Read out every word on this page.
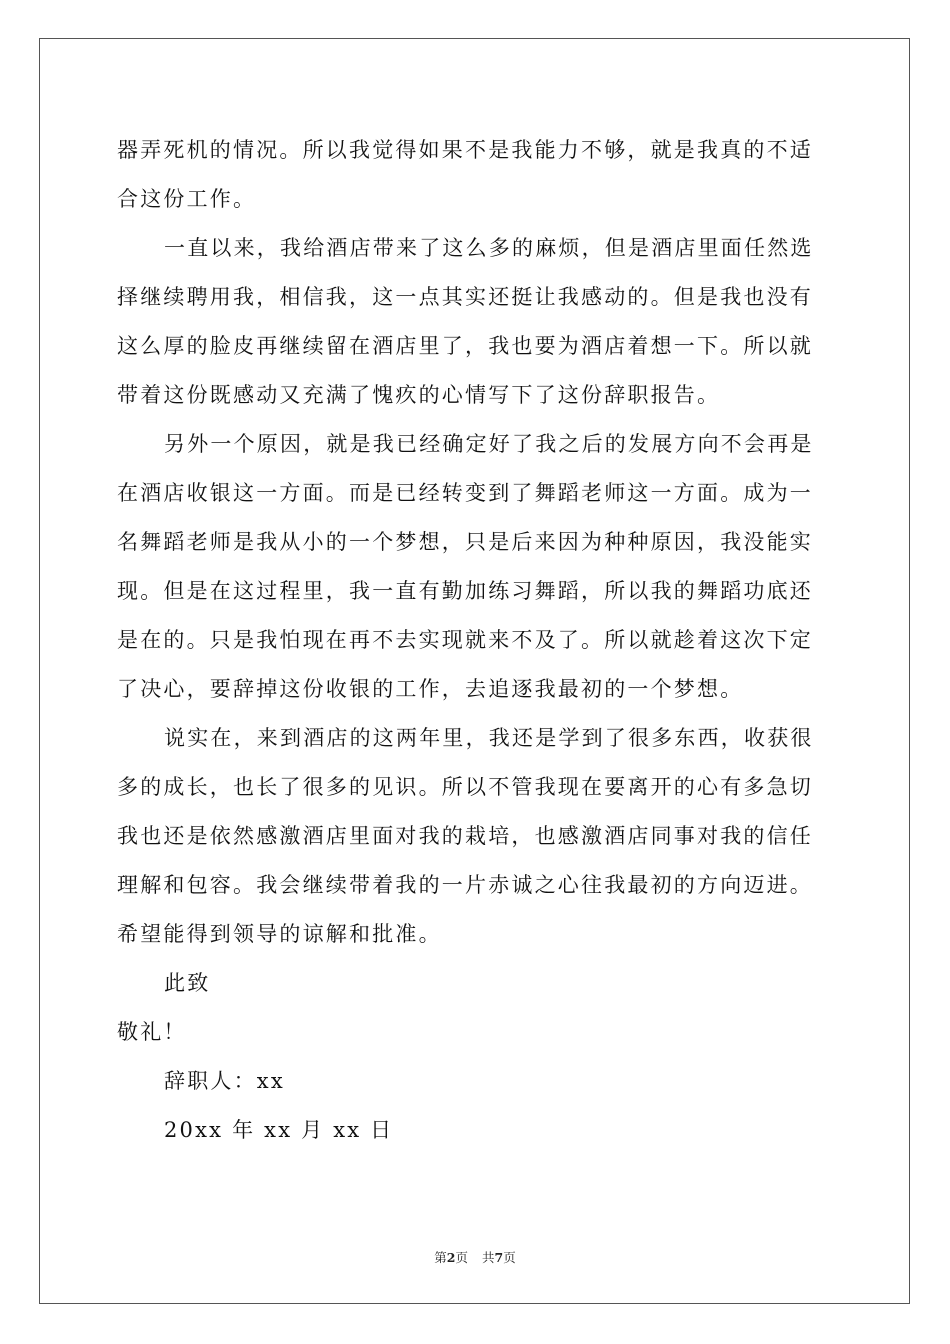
器弄死机的情况。所以我觉得如果不是我能力不够，就是我真的不适
合这份工作。
一直以来，我给酒店带来了这么多的麻烦，但是酒店里面任然选
择继续聘用我，相信我，这一点其实还挺让我感动的。但是我也没有
这么厚的脸皮再继续留在酒店里了，我也要为酒店着想一下。所以就
带着这份既感动又充满了愧疚的心情写下了这份辞职报告。
另外一个原因，就是我已经确定好了我之后的发展方向不会再是
在酒店收银这一方面。而是已经转变到了舞蹈老师这一方面。成为一
名舞蹈老师是我从小的一个梦想，只是后来因为种种原因，我没能实
现。但是在这过程里，我一直有勤加练习舞蹈，所以我的舞蹈功底还
是在的。只是我怕现在再不去实现就来不及了。所以就趁着这次下定
了决心，要辞掉这份收银的工作，去追逐我最初的一个梦想。
说实在，来到酒店的这两年里，我还是学到了很多东西，收获很
多的成长，也长了很多的见识。所以不管我现在要离开的心有多急切
我也还是依然感激酒店里面对我的栽培，也感激酒店同事对我的信任
理解和包容。我会继续带着我的一片赤诚之心往我最初的方向迈进。
希望能得到领导的谅解和批准。
此致
敬礼！
辞职人：xx
20xx 年 xx 月 xx 日
第2页 共7页
